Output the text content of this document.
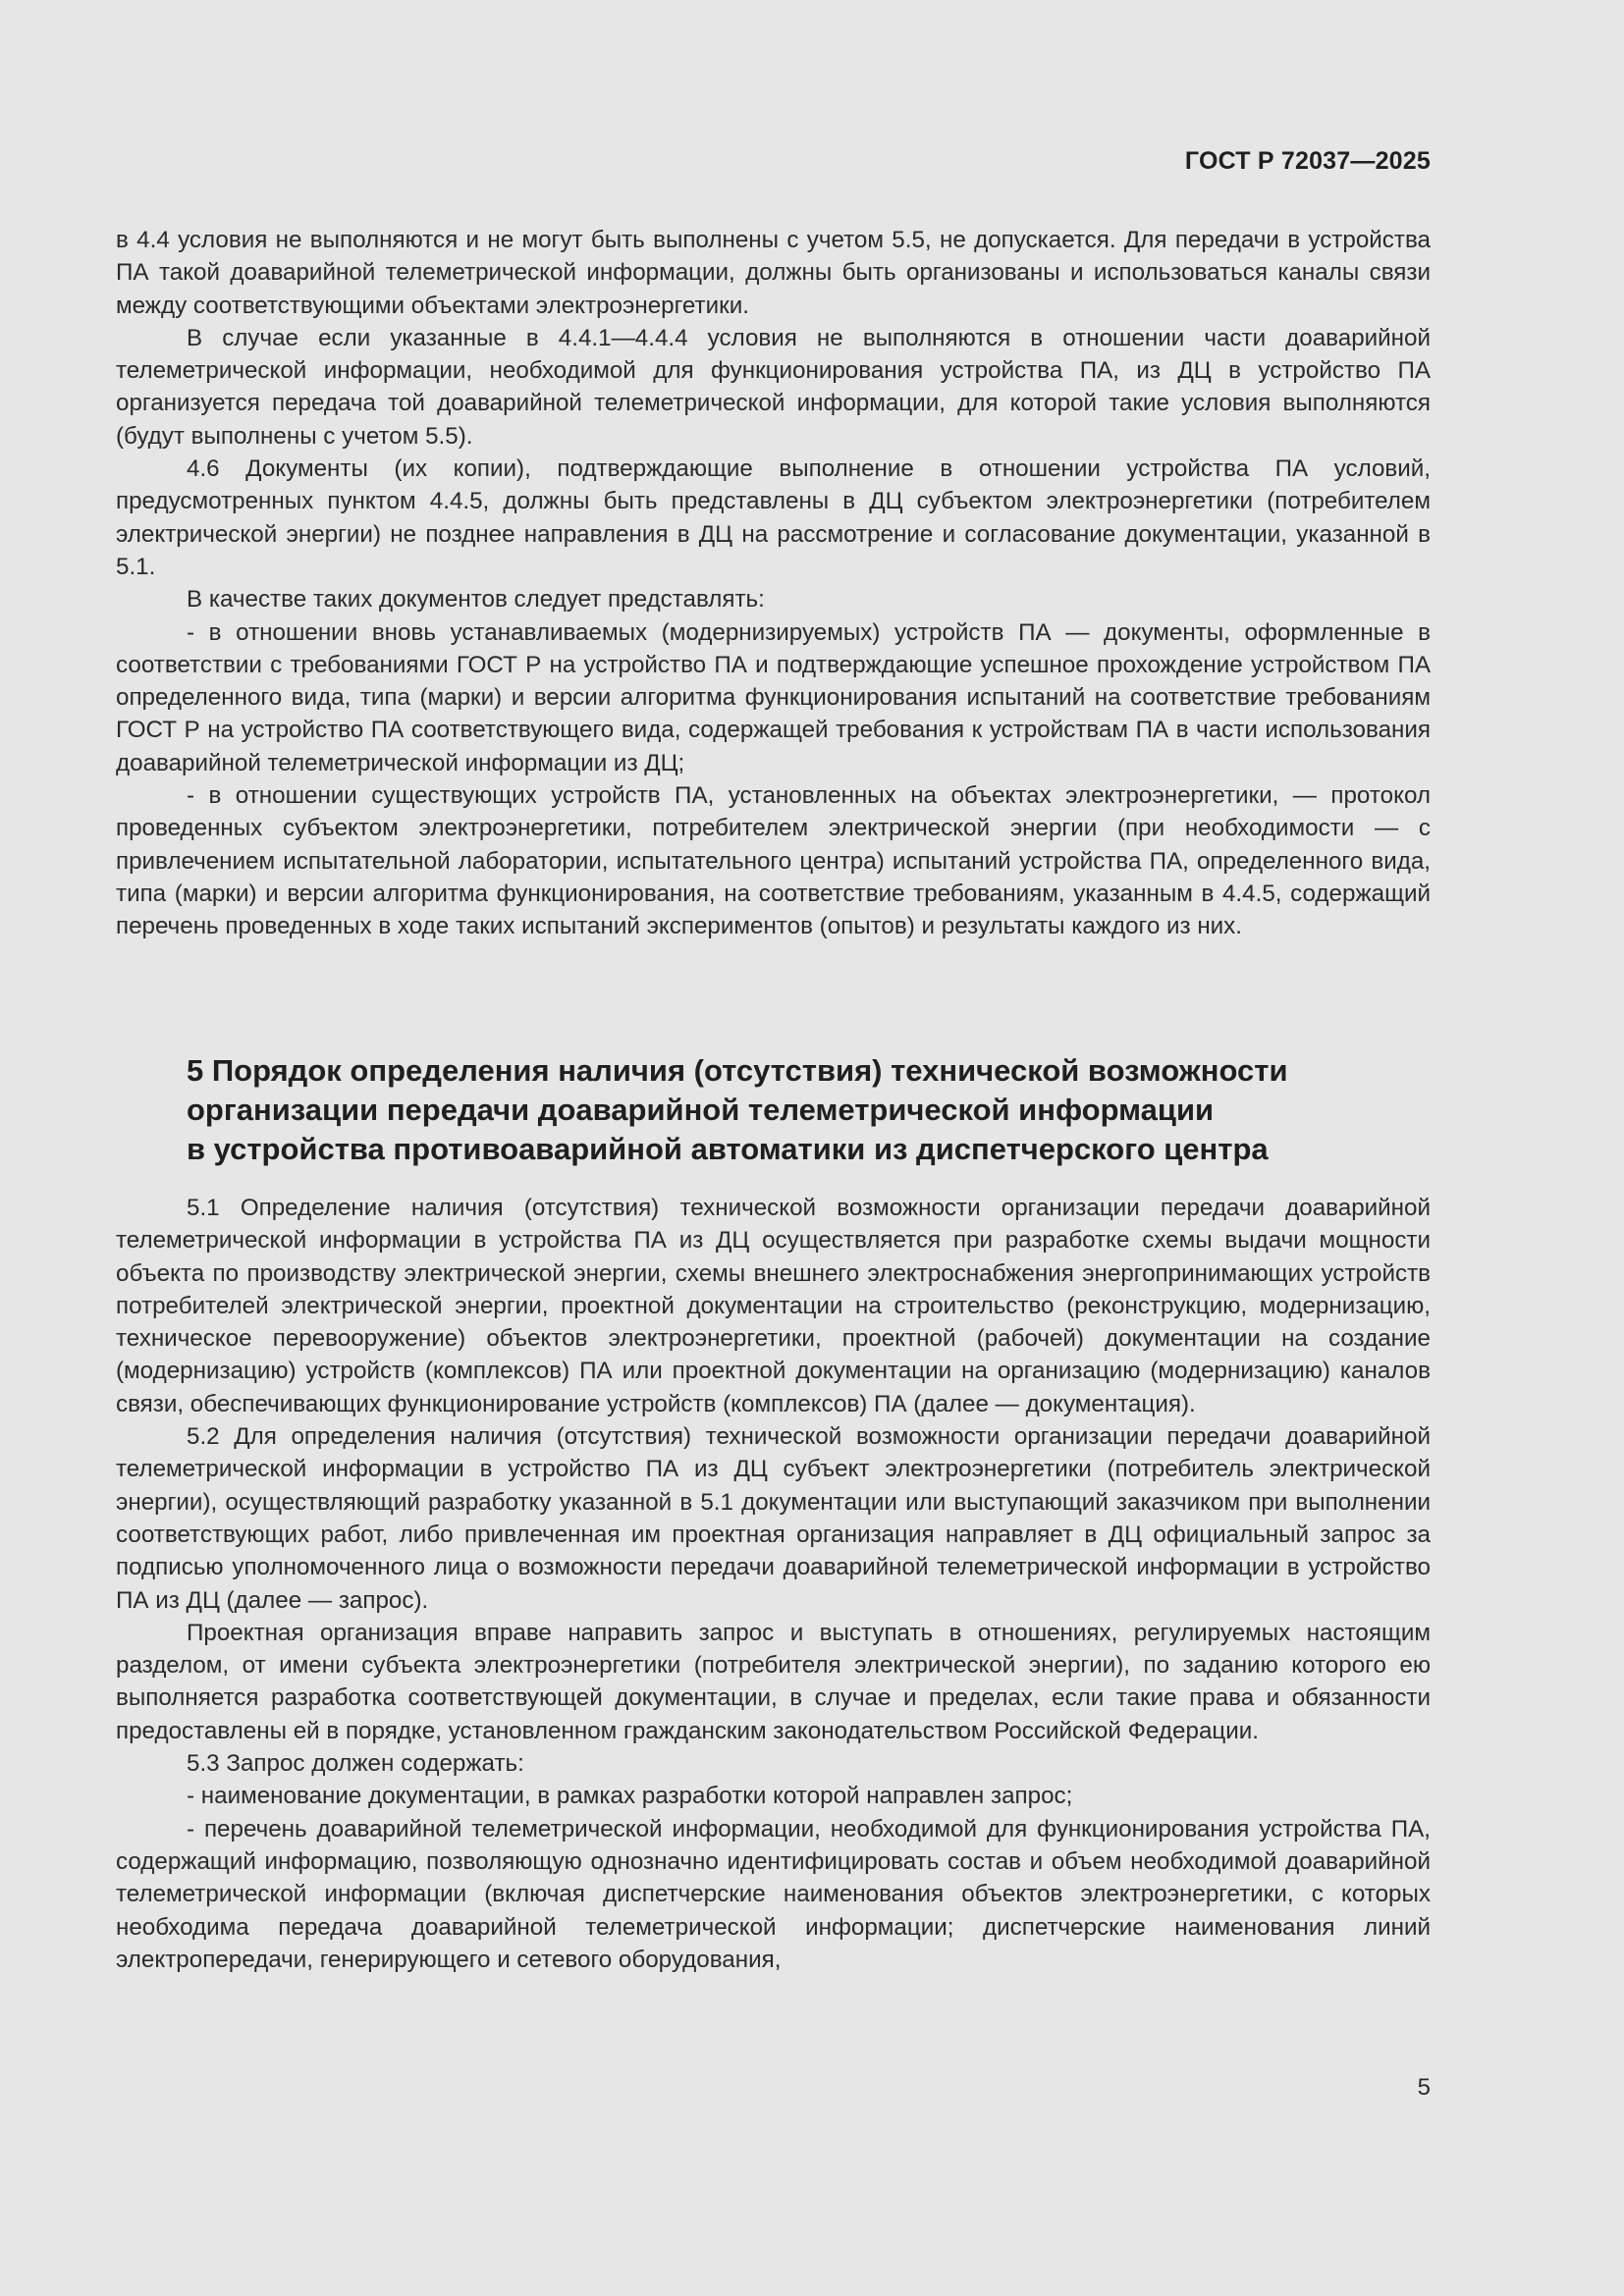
ГОСТ Р 72037—2025

в 4.4 условия не выполняются и не могут быть выполнены с учетом 5.5, не допускается. Для передачи в устройства ПА такой доаварийной телеметрической информации, должны быть организованы и использоваться каналы связи между соответствующими объектами электроэнергетики.

В случае если указанные в 4.4.1—4.4.4 условия не выполняются в отношении части доаварийной телеметрической информации, необходимой для функционирования устройства ПА, из ДЦ в устройство ПА организуется передача той доаварийной телеметрической информации, для которой такие условия выполняются (будут выполнены с учетом 5.5).

4.6 Документы (их копии), подтверждающие выполнение в отношении устройства ПА условий, предусмотренных пунктом 4.4.5, должны быть представлены в ДЦ субъектом электроэнергетики (потребителем электрической энергии) не позднее направления в ДЦ на рассмотрение и согласование документации, указанной в 5.1.

В качестве таких документов следует представлять:

- в отношении вновь устанавливаемых (модернизируемых) устройств ПА — документы, оформленные в соответствии с требованиями ГОСТ Р на устройство ПА и подтверждающие успешное прохождение устройством ПА определенного вида, типа (марки) и версии алгоритма функционирования испытаний на соответствие требованиям ГОСТ Р на устройство ПА соответствующего вида, содержащей требования к устройствам ПА в части использования доаварийной телеметрической информации из ДЦ;

- в отношении существующих устройств ПА, установленных на объектах электроэнергетики, — протокол проведенных субъектом электроэнергетики, потребителем электрической энергии (при необходимости — с привлечением испытательной лаборатории, испытательного центра) испытаний устройства ПА, определенного вида, типа (марки) и версии алгоритма функционирования, на соответствие требованиям, указанным в 4.4.5, содержащий перечень проведенных в ходе таких испытаний экспериментов (опытов) и результаты каждого из них.

5 Порядок определения наличия (отсутствия) технической возможности
организации передачи доаварийной телеметрической информации
в устройства противоаварийной автоматики из диспетчерского центра

5.1 Определение наличия (отсутствия) технической возможности организации передачи доаварийной телеметрической информации в устройства ПА из ДЦ осуществляется при разработке схемы выдачи мощности объекта по производству электрической энергии, схемы внешнего электроснабжения энергопринимающих устройств потребителей электрической энергии, проектной документации на строительство (реконструкцию, модернизацию, техническое перевооружение) объектов электроэнергетики, проектной (рабочей) документации на создание (модернизацию) устройств (комплексов) ПА или проектной документации на организацию (модернизацию) каналов связи, обеспечивающих функционирование устройств (комплексов) ПА (далее — документация).

5.2 Для определения наличия (отсутствия) технической возможности организации передачи доаварийной телеметрической информации в устройство ПА из ДЦ субъект электроэнергетики (потребитель электрической энергии), осуществляющий разработку указанной в 5.1 документации или выступающий заказчиком при выполнении соответствующих работ, либо привлеченная им проектная организация направляет в ДЦ официальный запрос за подписью уполномоченного лица о возможности передачи доаварийной телеметрической информации в устройство ПА из ДЦ (далее — запрос).

Проектная организация вправе направить запрос и выступать в отношениях, регулируемых настоящим разделом, от имени субъекта электроэнергетики (потребителя электрической энергии), по заданию которого ею выполняется разработка соответствующей документации, в случае и пределах, если такие права и обязанности предоставлены ей в порядке, установленном гражданским законодательством Российской Федерации.

5.3 Запрос должен содержать:

- наименование документации, в рамках разработки которой направлен запрос;

- перечень доаварийной телеметрической информации, необходимой для функционирования устройства ПА, содержащий информацию, позволяющую однозначно идентифицировать состав и объем необходимой доаварийной телеметрической информации (включая диспетчерские наименования объектов электроэнергетики, с которых необходима передача доаварийной телеметрической информации; диспетчерские наименования линий электропередачи, генерирующего и сетевого оборудования,

5
